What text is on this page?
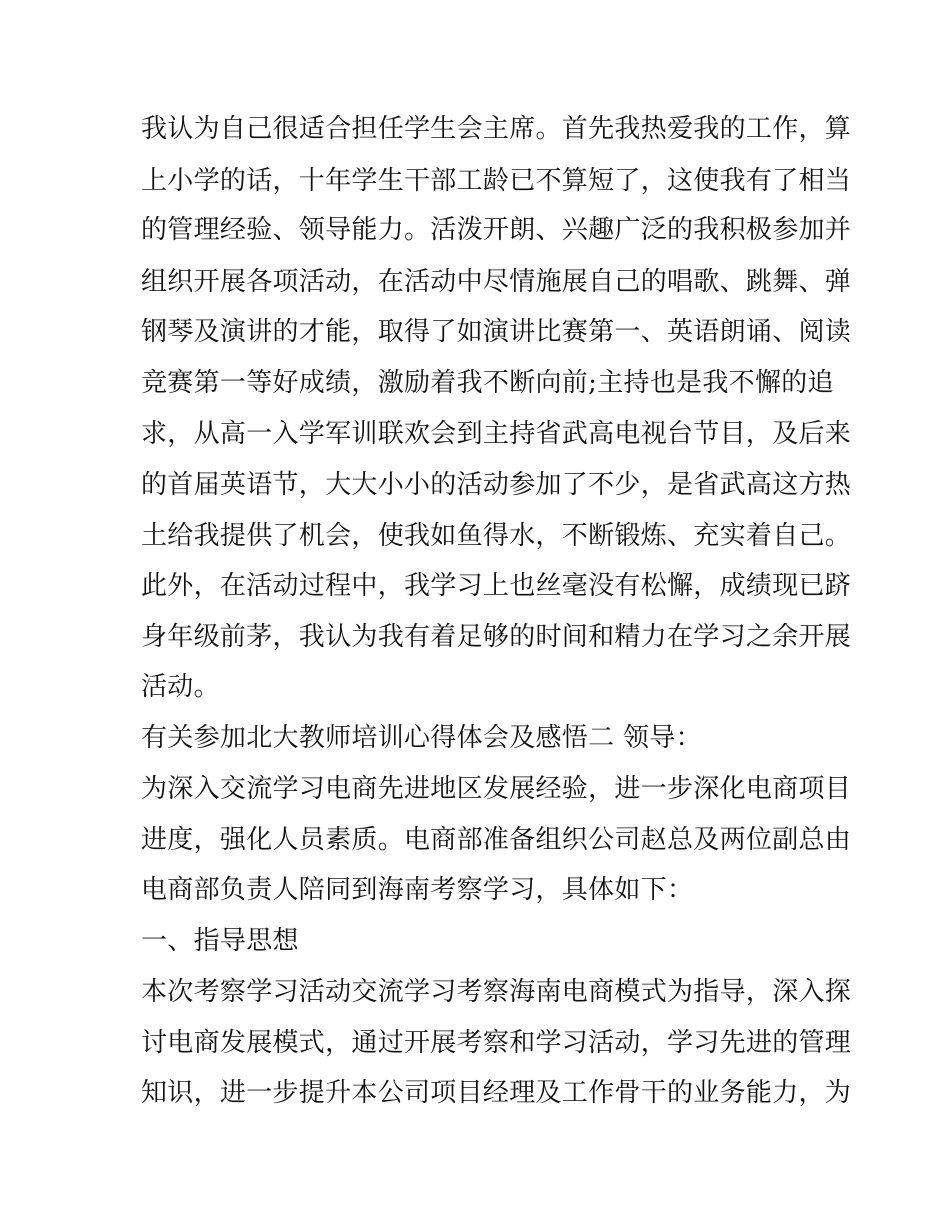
我认为自己很适合担任学生会主席。首先我热爱我的工作，算
上小学的话，十年学生干部工龄已不算短了，这使我有了相当
的管理经验、领导能力。活泼开朗、兴趣广泛的我积极参加并
组织开展各项活动，在活动中尽情施展自己的唱歌、跳舞、弹
钢琴及演讲的才能，取得了如演讲比赛第一、英语朗诵、阅读
竞赛第一等好成绩，激励着我不断向前;主持也是我不懈的追
求，从高一入学军训联欢会到主持省武高电视台节目，及后来
的首届英语节，大大小小的活动参加了不少，是省武高这方热
土给我提供了机会，使我如鱼得水，不断锻炼、充实着自己。
此外，在活动过程中，我学习上也丝毫没有松懈，成绩现已跻
身年级前茅，我认为我有着足够的时间和精力在学习之余开展
活动。
有关参加北大教师培训心得体会及感悟二 领导：
为深入交流学习电商先进地区发展经验，进一步深化电商项目
进度，强化人员素质。电商部准备组织公司赵总及两位副总由
电商部负责人陪同到海南考察学习，具体如下：
一、指导思想
本次考察学习活动交流学习考察海南电商模式为指导，深入探
讨电商发展模式，通过开展考察和学习活动，学习先进的管理
知识，进一步提升本公司项目经理及工作骨干的业务能力，为
